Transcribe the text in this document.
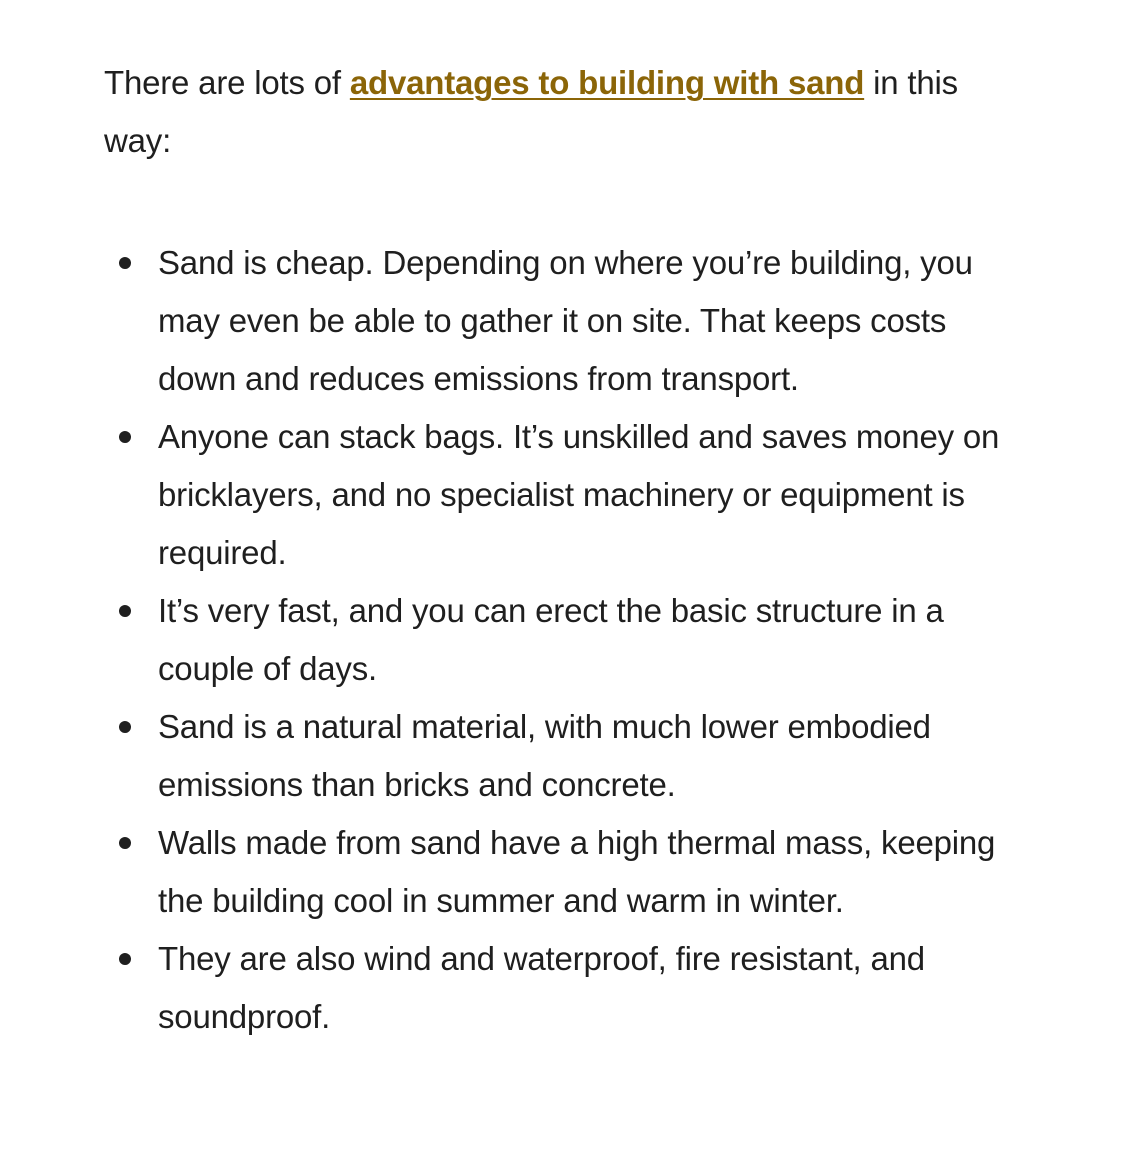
There are lots of advantages to building with sand in this way:

Sand is cheap. Depending on where you’re building, you may even be able to gather it on site. That keeps costs down and reduces emissions from transport.
Anyone can stack bags. It’s unskilled and saves money on bricklayers, and no specialist machinery or equipment is required.
It’s very fast, and you can erect the basic structure in a couple of days.
Sand is a natural material, with much lower embodied emissions than bricks and concrete.
Walls made from sand have a high thermal mass, keeping the building cool in summer and warm in winter.
They are also wind and waterproof, fire resistant, and soundproof.
